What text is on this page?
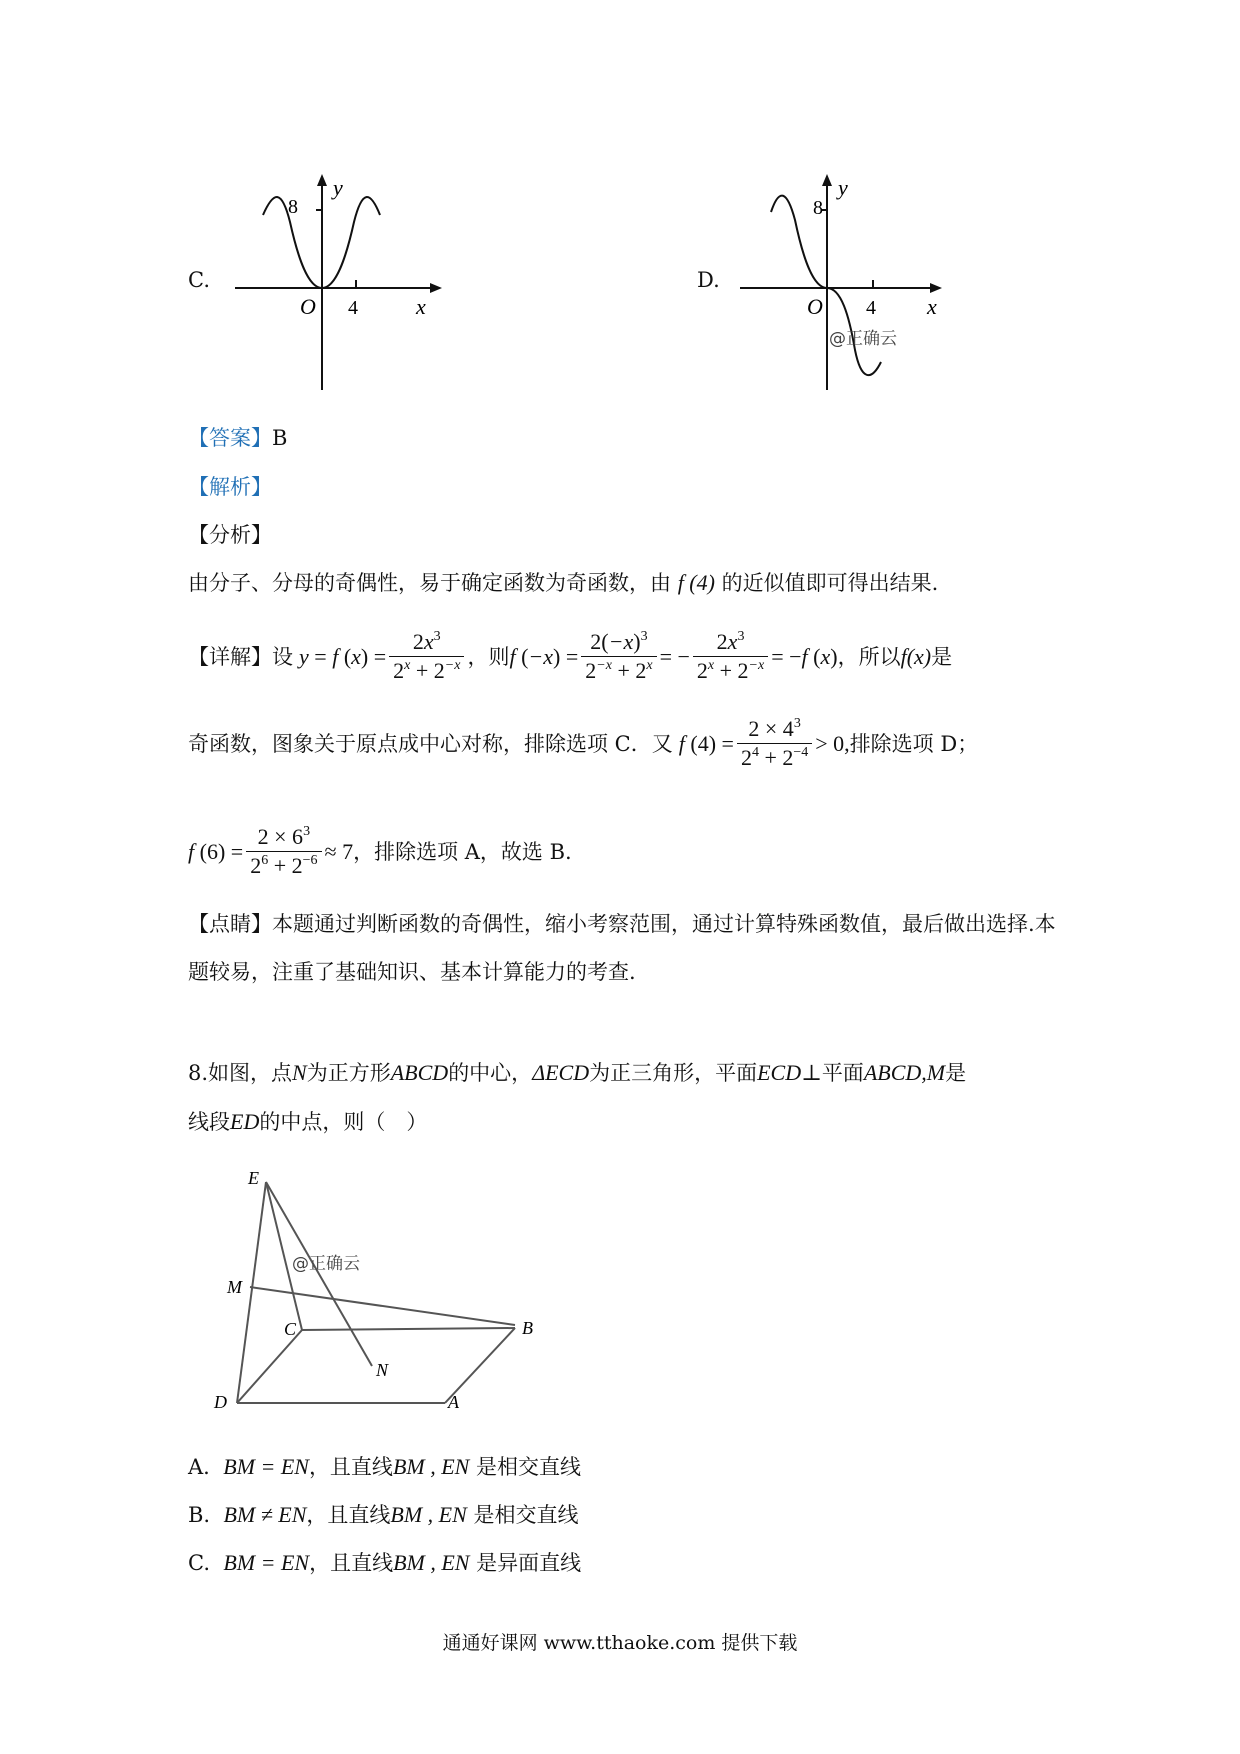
C.
y
8
O 4	x
D.
y
8
O 4 x
@正确云
【答案】B
【解析】
【分析】
由分子、分母的奇偶性，易于确定函数为奇函数，由 f (4) 的近似值即可得出结果.
【详解】 设 y = f $(x) = \frac{2x^3}{2^x + 2^{-x}}$ ，则 f $(-x) = \frac{2(-x)^3}{2^{-x} + 2^x}$ = − $\frac{2x^3}{2^x + 2^{-x}} = -f$ (x) ，所以 f(x) 是
奇函数，图象关于原点成中心对称，排除选项 C．又 f $(4) = \frac{2 \times 4^3}{2^4 + 2^{-4}} > 0$, 排除选项 D；
f $(6) = \frac{2 \times 6^3}{2^6 + 2^{-6}} \approx 7$ ，排除选项 A，故选 B.
【点睛】本题通过判断函数的奇偶性，缩小考察范围，通过计算特殊函数值，最后做出选择.本
题较易，注重了基础知识、基本计算能力的考查.
8.如图，点N为正方形ABCD的中心，ΔECD为正三角形，平面ECD⊥平面ABCD,M是
线段ED的中点，则（　）
E
M
C	B
N
D	A
@正确云
A. BM = EN，且直线BM , EN 是相交直线
B. BM ≠ EN，且直线BM , EN 是相交直线
C. BM = EN，且直线BM , EN 是异面直线
通通好课网 www.tthaoke.com 提供下载
